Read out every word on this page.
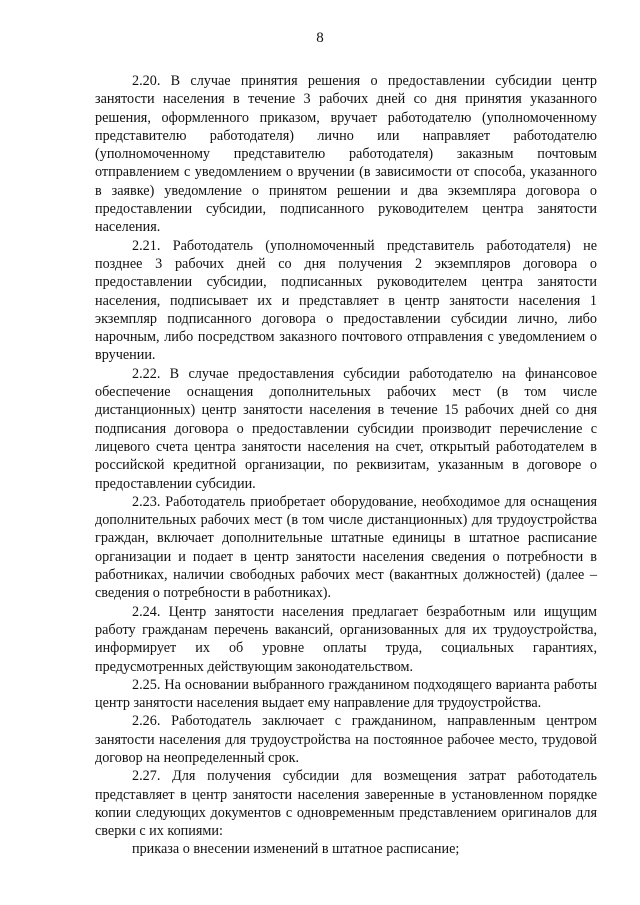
8

2.20. В случае принятия решения о предоставлении субсидии центр занятости населения в течение 3 рабочих дней со дня принятия указанного решения, оформленного приказом, вручает работодателю (уполномоченному представителю работодателя) лично или направляет работодателю (уполномоченному представителю работодателя) заказным почтовым отправлением с уведомлением о вручении (в зависимости от способа, указанного в заявке) уведомление о принятом решении и два экземпляра договора о предоставлении субсидии, подписанного руководителем центра занятости населения.

2.21. Работодатель (уполномоченный представитель работодателя) не позднее 3 рабочих дней со дня получения 2 экземпляров договора о предоставлении субсидии, подписанных руководителем центра занятости населения, подписывает их и представляет в центр занятости населения 1 экземпляр подписанного договора о предоставлении субсидии лично, либо нарочным, либо посредством заказного почтового отправления с уведомлением о вручении.

2.22. В случае предоставления субсидии работодателю на финансовое обеспечение оснащения дополнительных рабочих мест (в том числе дистанционных) центр занятости населения в течение 15 рабочих дней со дня подписания договора о предоставлении субсидии производит перечисление с лицевого счета центра занятости населения на счет, открытый работодателем в российской кредитной организации, по реквизитам, указанным в договоре о предоставлении субсидии.

2.23. Работодатель приобретает оборудование, необходимое для оснащения дополнительных рабочих мест (в том числе дистанционных) для трудоустройства граждан, включает дополнительные штатные единицы в штатное расписание организации и подает в центр занятости населения сведения о потребности в работниках, наличии свободных рабочих мест (вакантных должностей) (далее – сведения о потребности в работниках).

2.24. Центр занятости населения предлагает безработным или ищущим работу гражданам перечень вакансий, организованных для их трудоустройства, информирует их об уровне оплаты труда, социальных гарантиях, предусмотренных действующим законодательством.

2.25. На основании выбранного гражданином подходящего варианта работы центр занятости населения выдает ему направление для трудоустройства.

2.26. Работодатель заключает с гражданином, направленным центром занятости населения для трудоустройства на постоянное рабочее место, трудовой договор на неопределенный срок.

2.27. Для получения субсидии для возмещения затрат работодатель представляет в центр занятости населения заверенные в установленном порядке копии следующих документов с одновременным представлением оригиналов для сверки с их копиями:

приказа о внесении изменений в штатное расписание;
